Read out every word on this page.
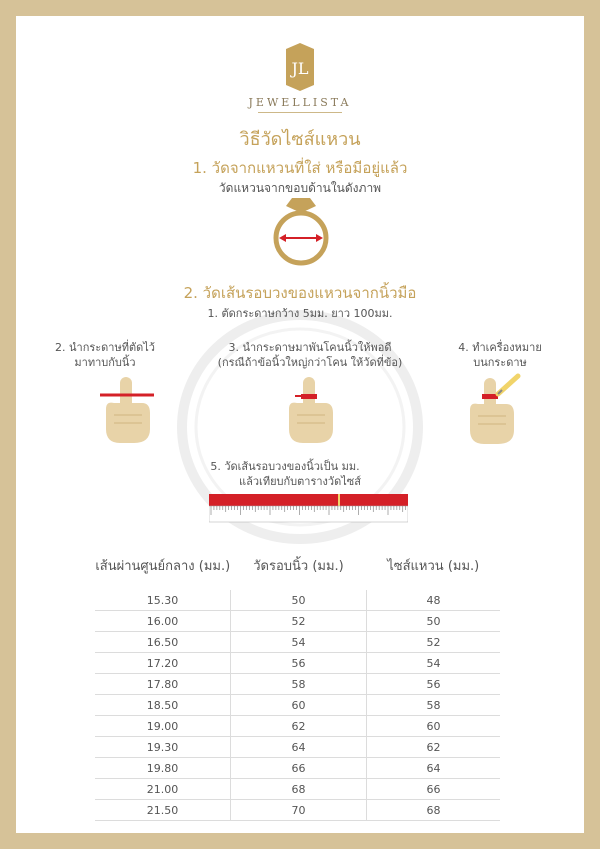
JL
JEWELLISTA
วิธีวัดไซส์แหวน
1. วัดจากแหวนที่ใส่ หรือมีอยู่แล้ว
วัดแหวนจากขอบด้านในดังภาพ
2. วัดเส้นรอบวงของแหวนจากนิ้วมือ
1. ตัดกระดาษกว้าง 5มม. ยาว 100มม.
2. นำกระดาษที่ตัดไว้
มาทาบกับนิ้ว
3. นำกระดาษมาพันโคนนิ้วให้พอดี
(กรณีถ้าข้อนิ้วใหญ่กว่าโคน ให้วัดที่ข้อ)
4. ทำเครื่องหมาย
บนกระดาษ
5. วัดเส้นรอบวงของนิ้วเป็น มม.
แล้วเทียบกับตารางวัดไซส์
เส้นผ่านศูนย์กลาง (มม.)	วัดรอบนิ้ว (มม.)	ไซส์แหวน (มม.)
15.30	50	48
16.00	52	50
16.50	54	52
17.20	56	54
17.80	58	56
18.50	60	58
19.00	62	60
19.30	64	62
19.80	66	64
21.00	68	66
21.50	70	68
